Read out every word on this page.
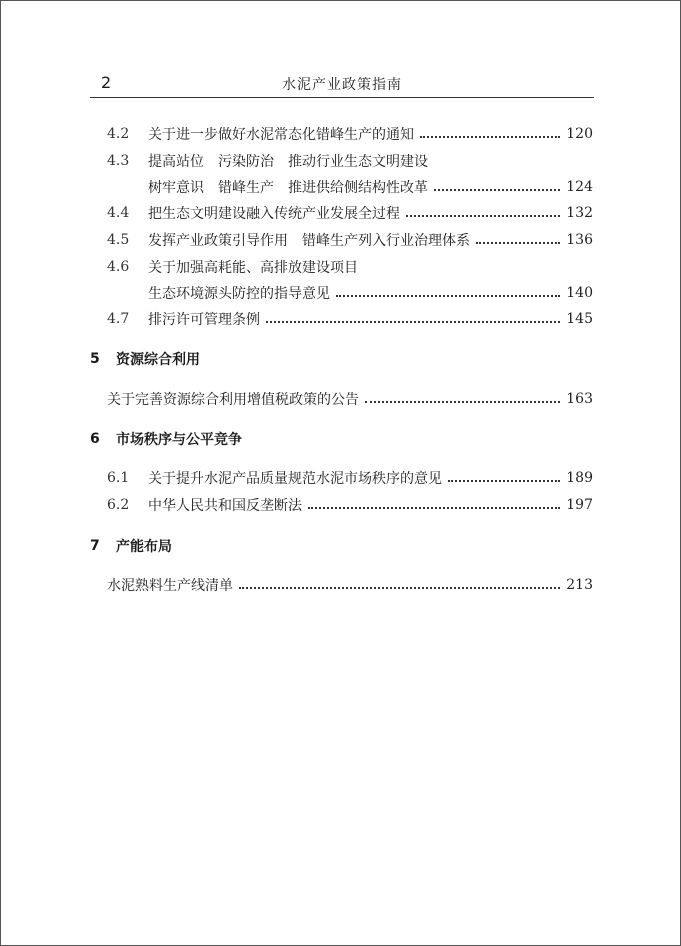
2	水泥产业政策指南
4.2	关于进一步做好水泥常态化错峰生产的通知	120
4.3	提高站位　污染防治　推动行业生态文明建设
树牢意识　错峰生产　推进供给侧结构性改革	124
4.4	把生态文明建设融入传统产业发展全过程	132
4.5	发挥产业政策引导作用　错峰生产列入行业治理体系	136
4.6	关于加强高耗能、高排放建设项目
生态环境源头防控的指导意见	140
4.7	排污许可管理条例	145
5	资源综合利用
关于完善资源综合利用增值税政策的公告	163
6	市场秩序与公平竞争
6.1	关于提升水泥产品质量规范水泥市场秩序的意见	189
6.2	中华人民共和国反垄断法	197
7	产能布局
水泥熟料生产线清单	213
